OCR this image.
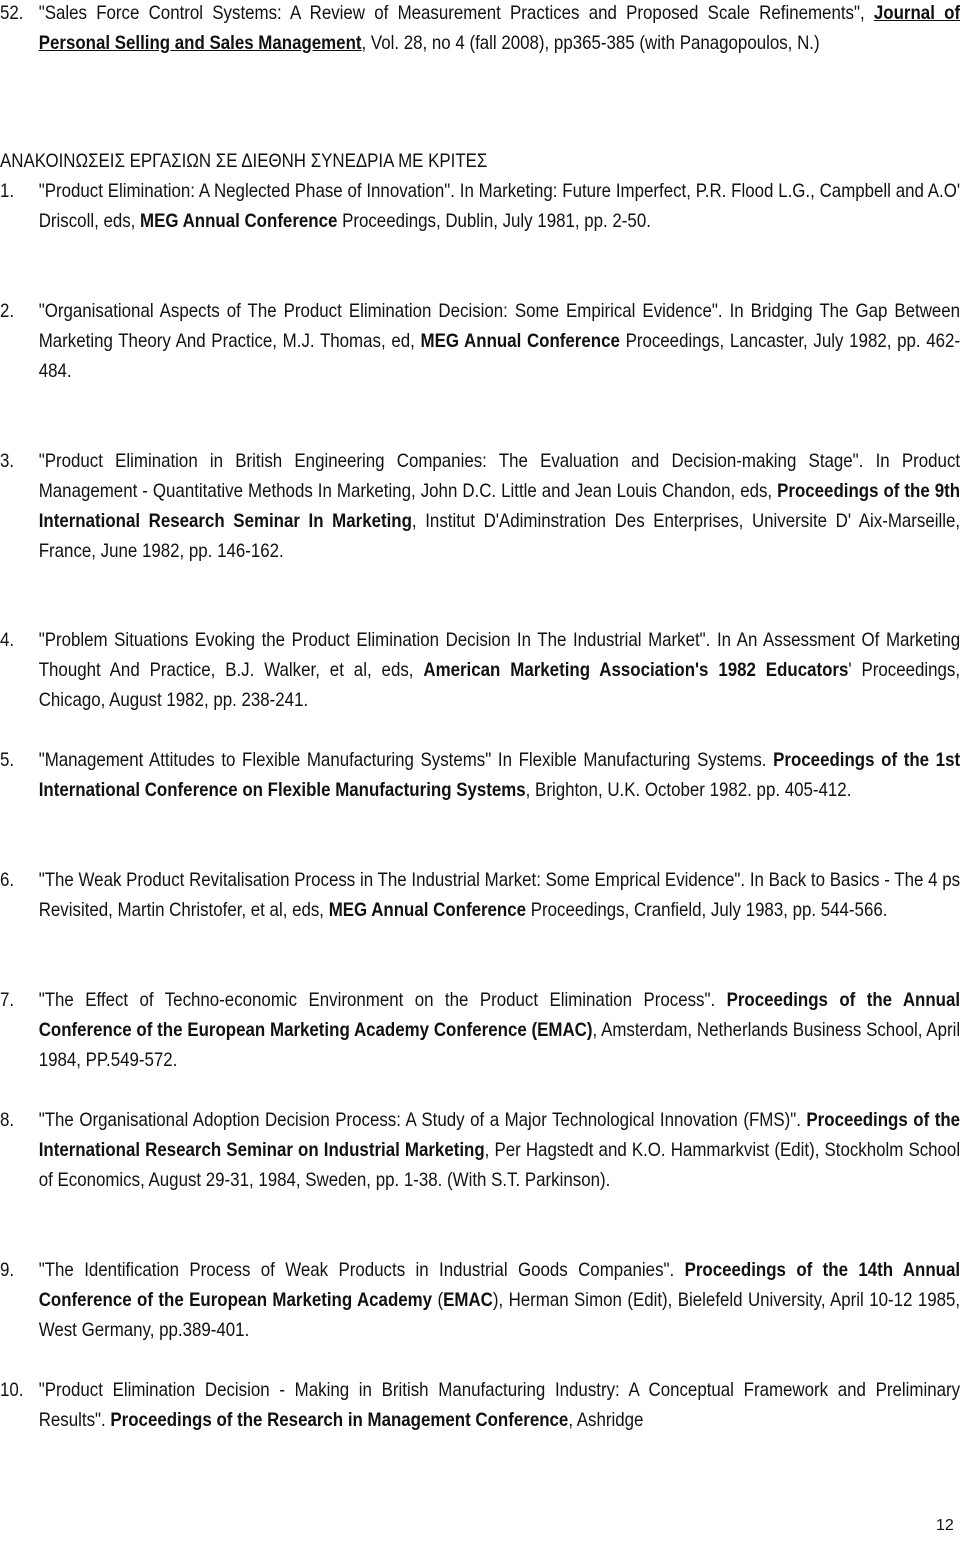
52. "Sales Force Control Systems: A Review of Measurement Practices and Proposed Scale Refinements", Journal of Personal Selling and Sales Management, Vol. 28, no 4 (fall 2008), pp365-385 (with Panagopoulos, N.)
ΑΝΑΚΟΙΝΩΣΕΙΣ ΕΡΓΑΣΙΩΝ ΣΕ ΔΙΕΘΝΗ ΣΥΝΕΔΡΙΑ ΜΕ ΚΡΙΤΕΣ
1.	"Product Elimination: A Neglected Phase of Innovation". In Marketing: Future Imperfect, P.R. Flood L.G., Campbell and A.O' Driscoll, eds, MEG Annual Conference Proceedings, Dublin, July 1981, pp. 2-50.
2.	"Organisational Aspects of The Product Elimination Decision: Some Empirical Evidence". In Bridging The Gap Between Marketing Theory And Practice, M.J. Thomas, ed, MEG Annual Conference Proceedings, Lancaster, July 1982, pp. 462-484.
3.	"Product Elimination in British Engineering Companies: The Evaluation and Decision-making Stage". In Product Management - Quantitative Methods In Marketing, John D.C. Little and Jean Louis Chandon, eds, Proceedings of the 9th International Research Seminar In Marketing, Institut D'Adiminstration Des Enterprises, Universite D' Aix-Marseille, France, June 1982, pp. 146-162.
4.	"Problem Situations Evoking the Product Elimination Decision In The Industrial Market". In An Assessment Of Marketing Thought And Practice, B.J. Walker, et al, eds, American Marketing Association's 1982 Educators' Proceedings, Chicago, August 1982, pp. 238-241.
5.	"Management Attitudes to Flexible Manufacturing Systems" In Flexible Manufacturing Systems. Proceedings of the 1st International Conference on Flexible Manufacturing Systems, Brighton, U.K. October 1982. pp. 405-412.
6.	"The Weak Product Revitalisation Process in The Industrial Market: Some Emprical Evidence". In Back to Basics - The 4 ps Revisited, Martin Christofer, et al, eds, MEG Annual Conference Proceedings, Cranfield, July 1983, pp. 544-566.
7.	"The Effect of Techno-economic Environment on the Product Elimination Process". Proceedings of the Annual Conference of the European Marketing Academy Conference (EMAC), Amsterdam, Netherlands Business School, April 1984, PP.549-572.
8.	"The Organisational Adoption Decision Process: A Study of a Major Technological Innovation (FMS)". Proceedings of the International Research Seminar on Industrial Marketing, Per Hagstedt and K.O. Hammarkvist (Edit), Stockholm School of Economics, August 29-31, 1984, Sweden, pp. 1-38. (With S.T. Parkinson).
9.	"The Identification Process of Weak Products in Industrial Goods Companies". Proceedings of the 14th Annual Conference of the European Marketing Academy (EMAC), Herman Simon (Edit), Bielefeld University, April 10-12 1985, West Germany, pp.389-401.
10. "Product Elimination Decision - Making in British Manufacturing Industry: A Conceptual Framework and Preliminary Results". Proceedings of the Research in Management Conference, Ashridge
12
